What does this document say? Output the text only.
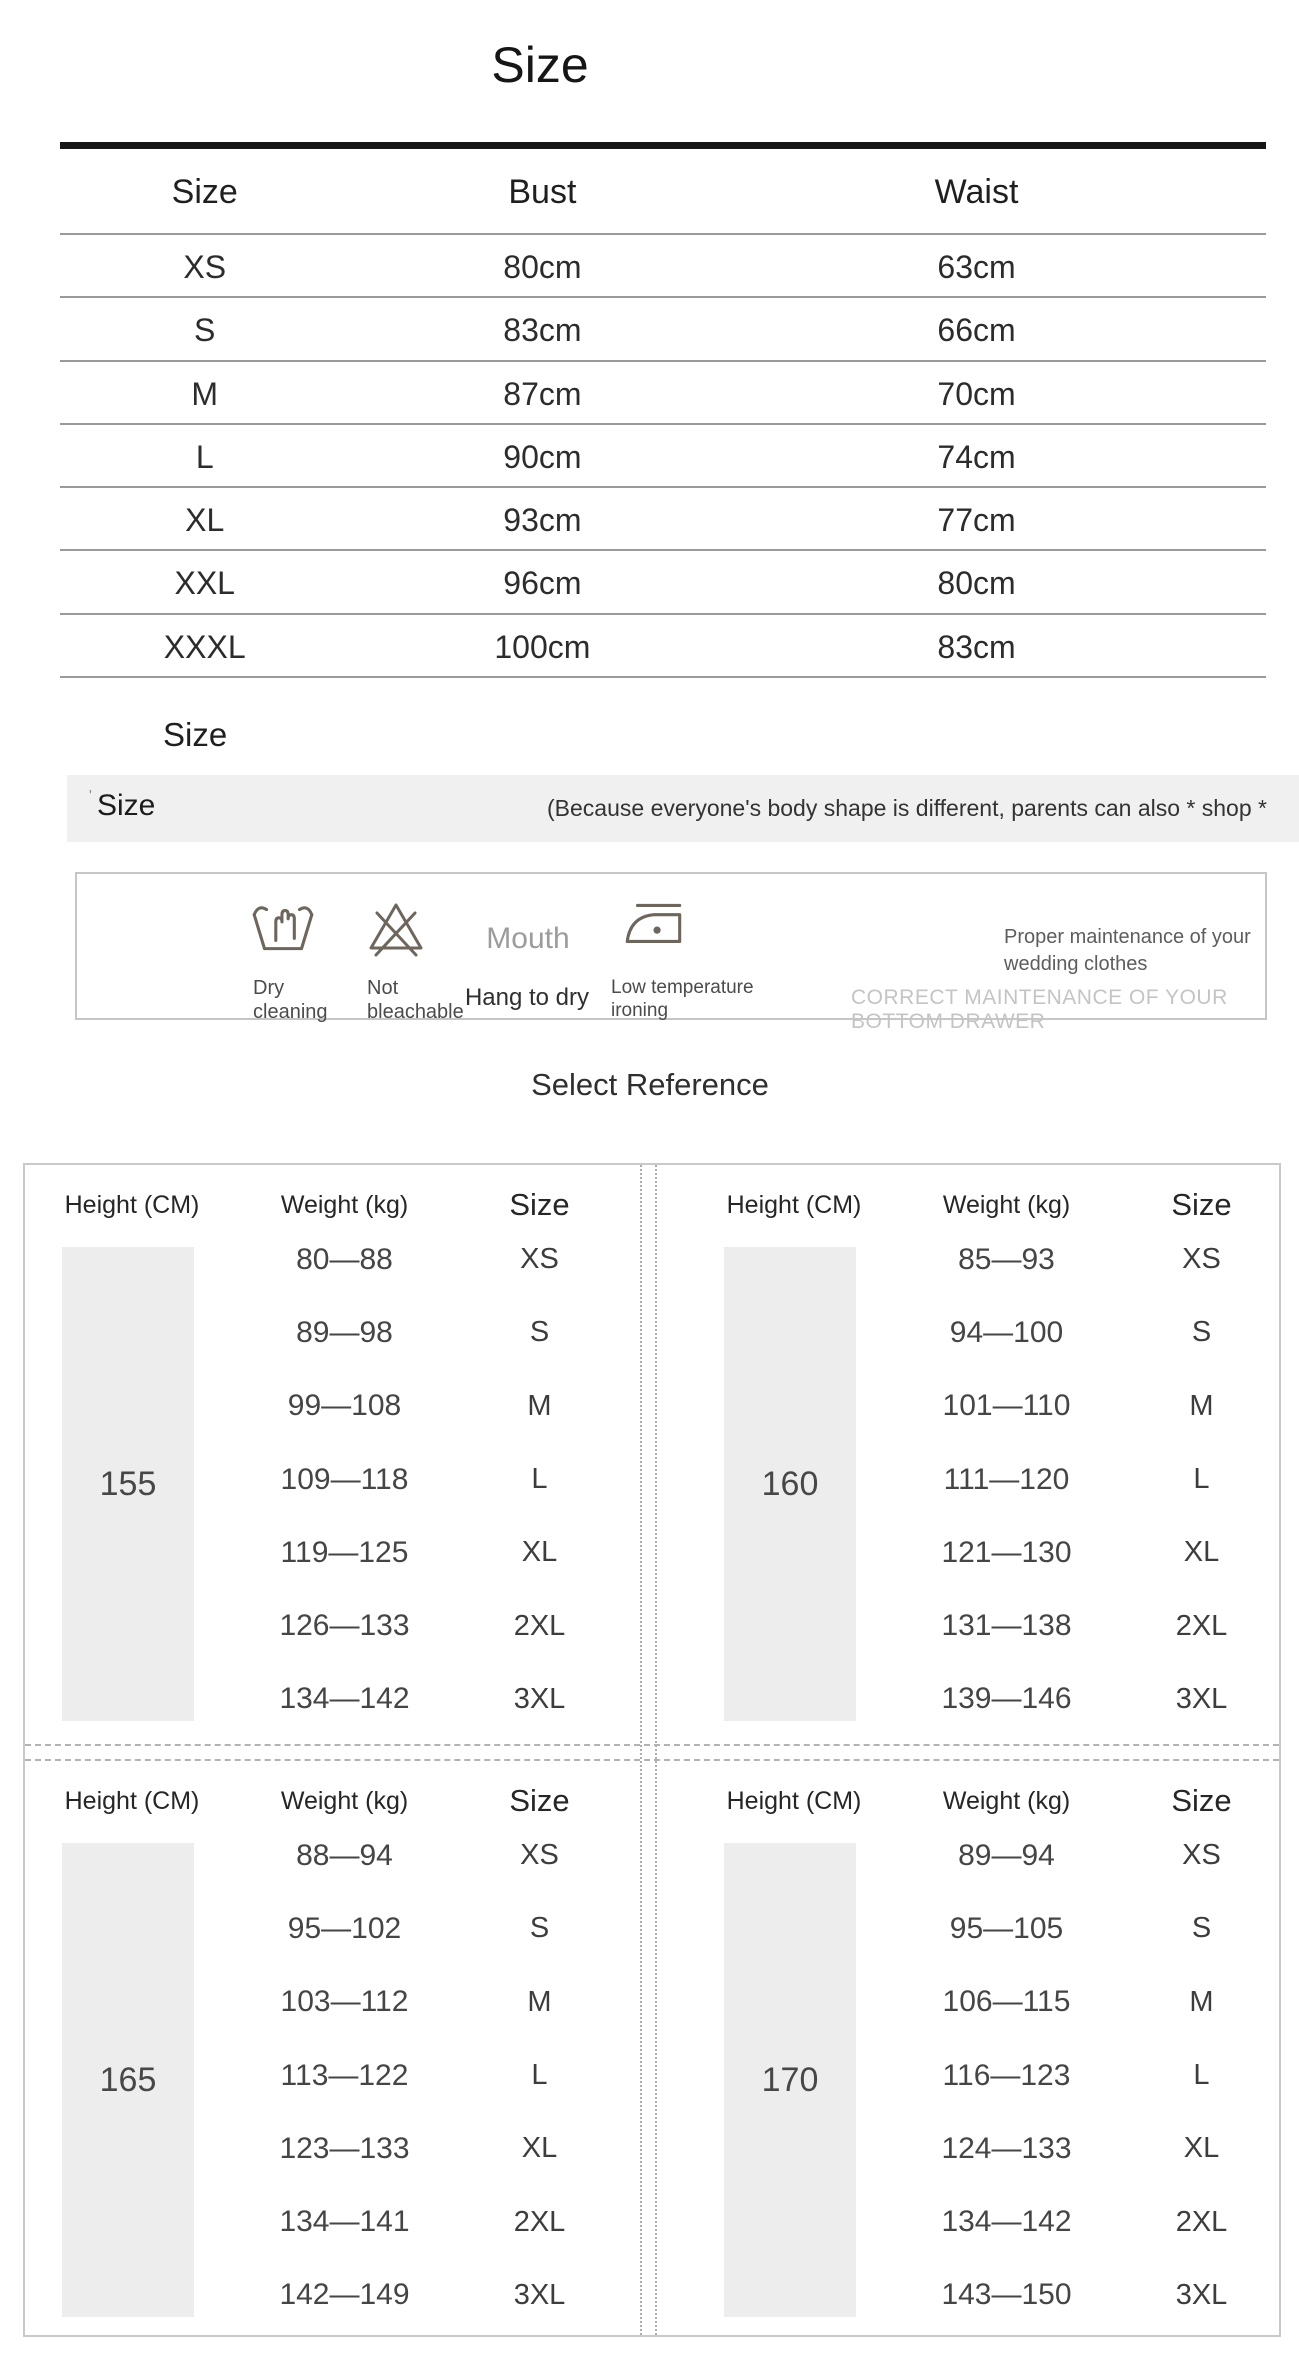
Size
Size	Bust	Waist
XS	80cm	63cm
S	83cm	66cm
M	87cm	70cm
L	90cm	74cm
XL	93cm	77cm
XXL	96cm	80cm
XXXL	100cm	83cm
Size
' Size	(Because everyone's body shape is different, parents can also * shop *
Dry
cleaning
Not
bleachable
Mouth
Hang to dry	Low temperature
ironing
Proper maintenance of your
wedding clothes
CORRECT MAINTENANCE OF YOUR BOTTOM DRAWER
Select Reference
Height (CM)	Weight (kg)	Size
155
80—88	XS
89—98	S
99—108	M
109—118	L
119—125	XL
126—133	2XL
134—142	3XL
Height (CM)	Weight (kg)	Size
160
85—93	XS
94—100	S
101—110	M
111—120	L
121—130	XL
131—138	2XL
139—146	3XL
Height (CM)	Weight (kg)	Size
165
88—94	XS
95—102	S
103—112	M
113—122	L
123—133	XL
134—141	2XL
142—149	3XL
Height (CM)	Weight (kg)	Size
170
89—94	XS
95—105	S
106—115	M
116—123	L
124—133	XL
134—142	2XL
143—150	3XL
